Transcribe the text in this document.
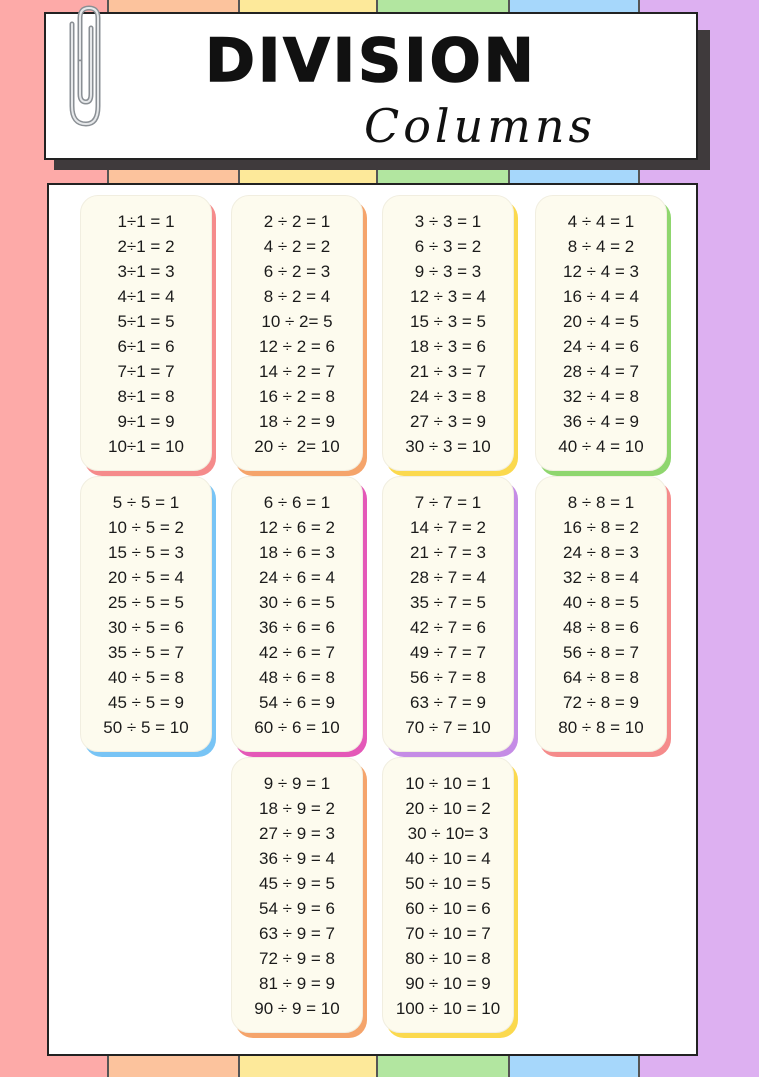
DIVISION
Columns
1÷1 = 1
2÷1 = 2
3÷1 = 3
4÷1 = 4
5÷1 = 5
6÷1 = 6
7÷1 = 7
8÷1 = 8
9÷1 = 9
10÷1 = 10
2 ÷ 2 = 1
4 ÷ 2 = 2
6 ÷ 2 = 3
8 ÷ 2 = 4
10 ÷ 2= 5
12 ÷ 2 = 6
14 ÷ 2 = 7
16 ÷ 2 = 8
18 ÷ 2 = 9
20 ÷  2= 10
3 ÷ 3 = 1
6 ÷ 3 = 2
9 ÷ 3 = 3
12 ÷ 3 = 4
15 ÷ 3 = 5
18 ÷ 3 = 6
21 ÷ 3 = 7
24 ÷ 3 = 8
27 ÷ 3 = 9
30 ÷ 3 = 10
4 ÷ 4 = 1
8 ÷ 4 = 2
12 ÷ 4 = 3
16 ÷ 4 = 4
20 ÷ 4 = 5
24 ÷ 4 = 6
28 ÷ 4 = 7
32 ÷ 4 = 8
36 ÷ 4 = 9
40 ÷ 4 = 10
5 ÷ 5 = 1
10 ÷ 5 = 2
15 ÷ 5 = 3
20 ÷ 5 = 4
25 ÷ 5 = 5
30 ÷ 5 = 6
35 ÷ 5 = 7
40 ÷ 5 = 8
45 ÷ 5 = 9
50 ÷ 5 = 10
6 ÷ 6 = 1
12 ÷ 6 = 2
18 ÷ 6 = 3
24 ÷ 6 = 4
30 ÷ 6 = 5
36 ÷ 6 = 6
42 ÷ 6 = 7
48 ÷ 6 = 8
54 ÷ 6 = 9
60 ÷ 6 = 10
7 ÷ 7 = 1
14 ÷ 7 = 2
21 ÷ 7 = 3
28 ÷ 7 = 4
35 ÷ 7 = 5
42 ÷ 7 = 6
49 ÷ 7 = 7
56 ÷ 7 = 8
63 ÷ 7 = 9
70 ÷ 7 = 10
8 ÷ 8 = 1
16 ÷ 8 = 2
24 ÷ 8 = 3
32 ÷ 8 = 4
40 ÷ 8 = 5
48 ÷ 8 = 6
56 ÷ 8 = 7
64 ÷ 8 = 8
72 ÷ 8 = 9
80 ÷ 8 = 10
9 ÷ 9 = 1
18 ÷ 9 = 2
27 ÷ 9 = 3
36 ÷ 9 = 4
45 ÷ 9 = 5
54 ÷ 9 = 6
63 ÷ 9 = 7
72 ÷ 9 = 8
81 ÷ 9 = 9
90 ÷ 9 = 10
10 ÷ 10 = 1
20 ÷ 10 = 2
30 ÷ 10= 3
40 ÷ 10 = 4
50 ÷ 10 = 5
60 ÷ 10 = 6
70 ÷ 10 = 7
80 ÷ 10 = 8
90 ÷ 10 = 9
100 ÷ 10 = 10
